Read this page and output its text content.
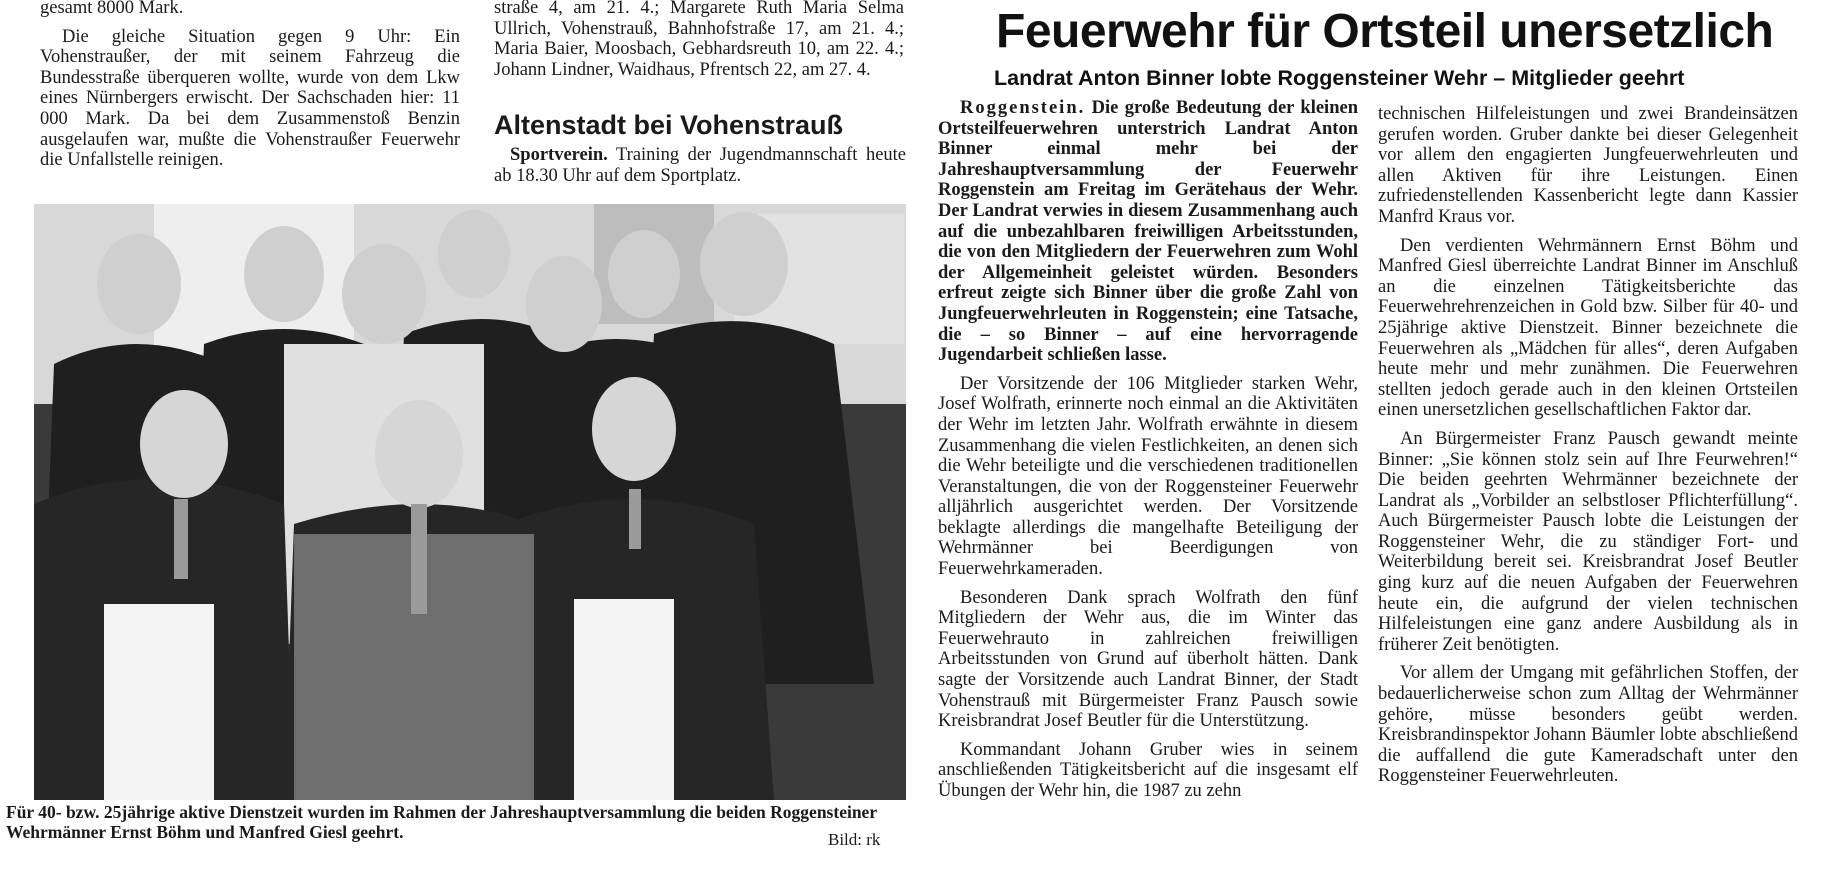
gesamt 8000 Mark.

Die gleiche Situation gegen 9 Uhr: Ein Vohenstraußer, der mit seinem Fahrzeug die Bundesstraße überqueren wollte, wurde von dem Lkw eines Nürnbergers erwischt. Der Sachschaden hier: 11 000 Mark. Da bei dem Zusammenstoß Benzin ausgelaufen war, mußte die Vohenstraußer Feuerwehr die Unfallstelle reinigen.

straße 4, am 21. 4.; Margarete Ruth Maria Selma Ullrich, Vohenstrauß, Bahnhofstraße 17, am 21. 4.; Maria Baier, Moosbach, Gebhardsreuth 10, am 22. 4.; Johann Lindner, Waidhaus, Pfrentsch 22, am 27. 4.

Altenstadt bei Vohenstrauß

Sportverein. Training der Jugendmannschaft heute ab 18.30 Uhr auf dem Sportplatz.

Für 40- bzw. 25jährige aktive Dienstzeit wurden im Rahmen der Jahreshauptversammlung die beiden Roggensteiner Wehrmänner Ernst Böhm und Manfred Giesl geehrt.	Bild: rk
Feuerwehr für Ortsteil unersetzlich
Landrat Anton Binner lobte Roggensteiner Wehr – Mitglieder geehrt

Roggenstein. Die große Bedeutung der kleinen Ortsteilfeuerwehren unterstrich Landrat Anton Binner einmal mehr bei der Jahreshauptversammlung der Feuerwehr Roggenstein am Freitag im Gerätehaus der Wehr. Der Landrat verwies in diesem Zusammenhang auch auf die unbezahlbaren freiwilligen Arbeitsstunden, die von den Mitgliedern der Feuerwehren zum Wohl der Allgemeinheit geleistet würden. Besonders erfreut zeigte sich Binner über die große Zahl von Jungfeuerwehrleuten in Roggenstein; eine Tatsache, die – so Binner – auf eine hervorragende Jugendarbeit schließen lasse.

Der Vorsitzende der 106 Mitglieder starken Wehr, Josef Wolfrath, erinnerte noch einmal an die Aktivitäten der Wehr im letzten Jahr. Wolfrath erwähnte in diesem Zusammenhang die vielen Festlichkeiten, an denen sich die Wehr beteiligte und die verschiedenen traditionellen Veranstaltungen, die von der Roggensteiner Feuerwehr alljährlich ausgerichtet werden. Der Vorsitzende beklagte allerdings die mangelhafte Beteiligung der Wehrmänner bei Beerdigungen von Feuerwehrkameraden.

Besonderen Dank sprach Wolfrath den fünf Mitgliedern der Wehr aus, die im Winter das Feuerwehrauto in zahlreichen freiwilligen Arbeitsstunden von Grund auf überholt hätten. Dank sagte der Vorsitzende auch Landrat Binner, der Stadt Vohenstrauß mit Bürgermeister Franz Pausch sowie Kreisbrandrat Josef Beutler für die Unterstützung.

Kommandant Johann Gruber wies in seinem anschließenden Tätigkeitsbericht auf die insgesamt elf Übungen der Wehr hin, die 1987 zu zehn

technischen Hilfeleistungen und zwei Brandeinsätzen gerufen worden. Gruber dankte bei dieser Gelegenheit vor allem den engagierten Jungfeuerwehrleuten und allen Aktiven für ihre Leistungen. Einen zufriedenstellenden Kassenbericht legte dann Kassier Manfrd Kraus vor.

Den verdienten Wehrmännern Ernst Böhm und Manfred Giesl überreichte Landrat Binner im Anschluß an die einzelnen Tätigkeitsberichte das Feuerwehrehrenzeichen in Gold bzw. Silber für 40- und 25jährige aktive Dienstzeit. Binner bezeichnete die Feuerwehren als „Mädchen für alles“, deren Aufgaben heute mehr und mehr zunähmen. Die Feuerwehren stellten jedoch gerade auch in den kleinen Ortsteilen einen unersetzlichen gesellschaftlichen Faktor dar.

An Bürgermeister Franz Pausch gewandt meinte Binner: „Sie können stolz sein auf Ihre Feurwehren!“ Die beiden geehrten Wehrmänner bezeichnete der Landrat als „Vorbilder an selbstloser Pflichterfüllung“. Auch Bürgermeister Pausch lobte die Leistungen der Roggensteiner Wehr, die zu ständiger Fort- und Weiterbildung bereit sei. Kreisbrandrat Josef Beutler ging kurz auf die neuen Aufgaben der Feuerwehren heute ein, die aufgrund der vielen technischen Hilfeleistungen eine ganz andere Ausbildung als in früherer Zeit benötigten.

Vor allem der Umgang mit gefährlichen Stoffen, der bedauerlicherweise schon zum Alltag der Wehrmänner gehöre, müsse besonders geübt werden. Kreisbrandinspektor Johann Bäumler lobte abschließend die auffallend die gute Kameradschaft unter den Roggensteiner Feuerwehrleuten.
